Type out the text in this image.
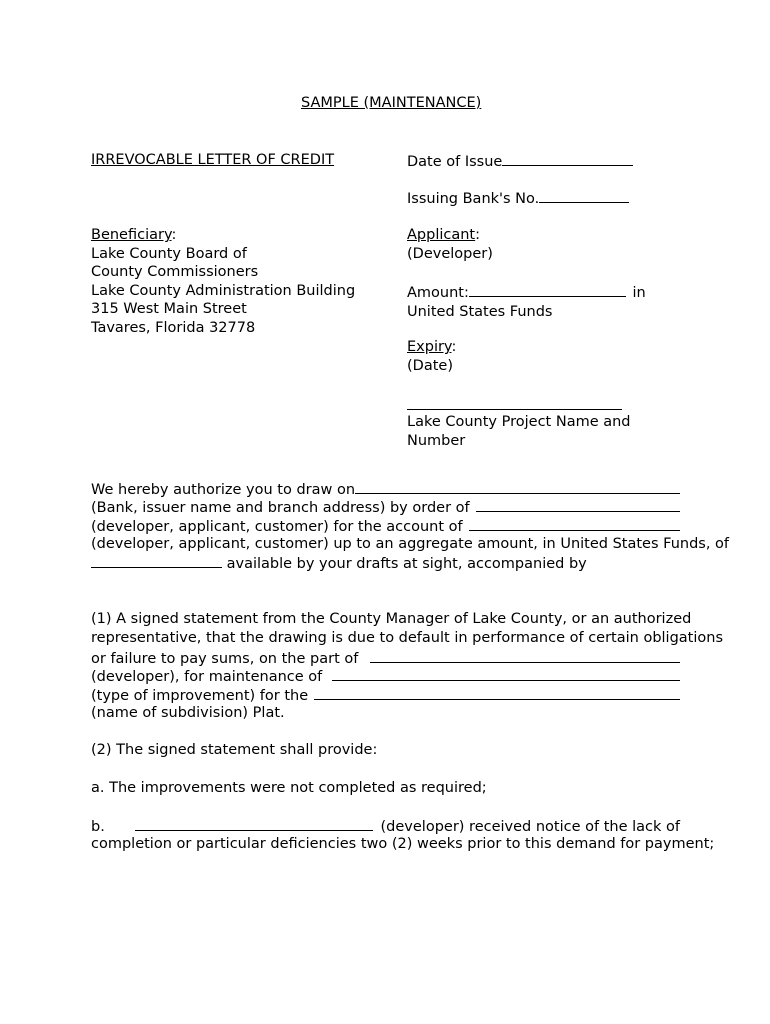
SAMPLE (MAINTENANCE)
IRREVOCABLE LETTER OF CREDIT	Date of Issue
Issuing Bank's No.
Beneficiary:
Lake County Board of
County Commissioners
Lake County Administration Building
315 West Main Street
Tavares, Florida 32778
Applicant:
(Developer)
Amount:	in
United States Funds
Expiry:
(Date)
Lake County Project Name and
Number
We hereby authorize you to draw on
(Bank, issuer name and branch address) by order of
(developer, applicant, customer) for the account of
(developer, applicant, customer) up to an aggregate amount, in United States Funds, of
available by your drafts at sight, accompanied by
(1) A signed statement from the County Manager of Lake County, or an authorized
representative, that the drawing is due to default in performance of certain obligations
or failure to pay sums, on the part of
(developer), for maintenance of
(type of improvement) for the
(name of subdivision) Plat.
(2) The signed statement shall provide:
a. The improvements were not completed as required;
b.	(developer) received notice of the lack of
completion or particular deficiencies two (2) weeks prior to this demand for payment;
